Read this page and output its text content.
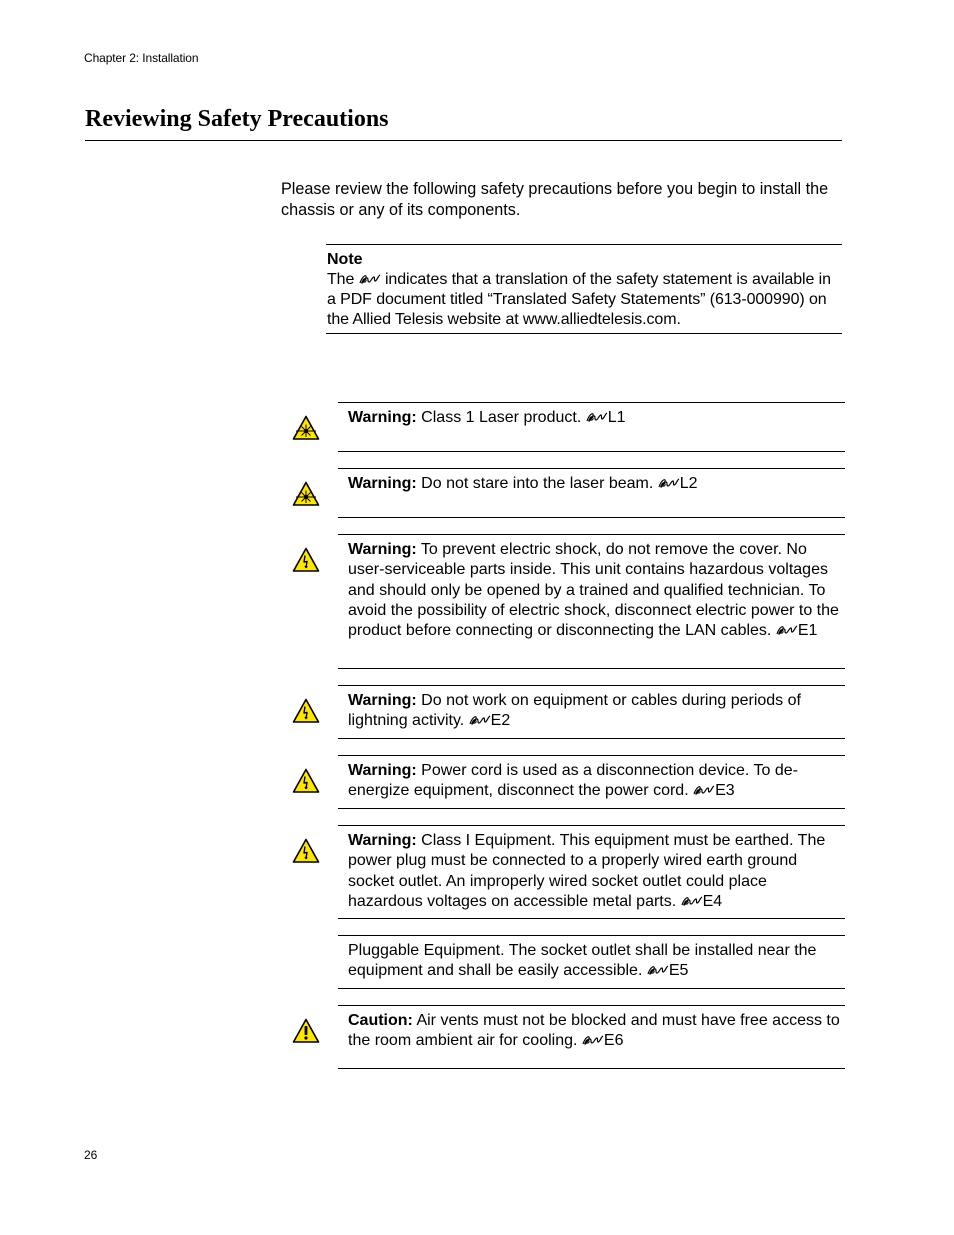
Chapter 2: Installation
Reviewing Safety Precautions

Please review the following safety precautions before you begin to install the chassis or any of its components.

Note

The
indicates that a translation of the safety statement is available in a PDF document titled “Translated Safety Statements” (613-000990) on the Allied Telesis website at www.alliedtelesis.com.

Warning: Class 1 Laser product.
L1

Warning: Do not stare into the laser beam.
L2

Warning: To prevent electric shock, do not remove the cover. No user-serviceable parts inside. This unit contains hazardous voltages and should only be opened by a trained and qualified technician. To avoid the possibility of electric shock, disconnect electric power to the product before connecting or disconnecting the LAN cables.
E1

Warning: Do not work on equipment or cables during periods of lightning activity.
E2

Warning: Power cord is used as a disconnection device. To de-energize equipment, disconnect the power cord.
E3

Warning: Class I Equipment. This equipment must be earthed. The power plug must be connected to a properly wired earth ground socket outlet. An improperly wired socket outlet could place hazardous voltages on accessible metal parts.
E4

Pluggable Equipment. The socket outlet shall be installed near the equipment and shall be easily accessible.
E5

Caution: Air vents must not be blocked and must have free access to the room ambient air for cooling.
E6

26
